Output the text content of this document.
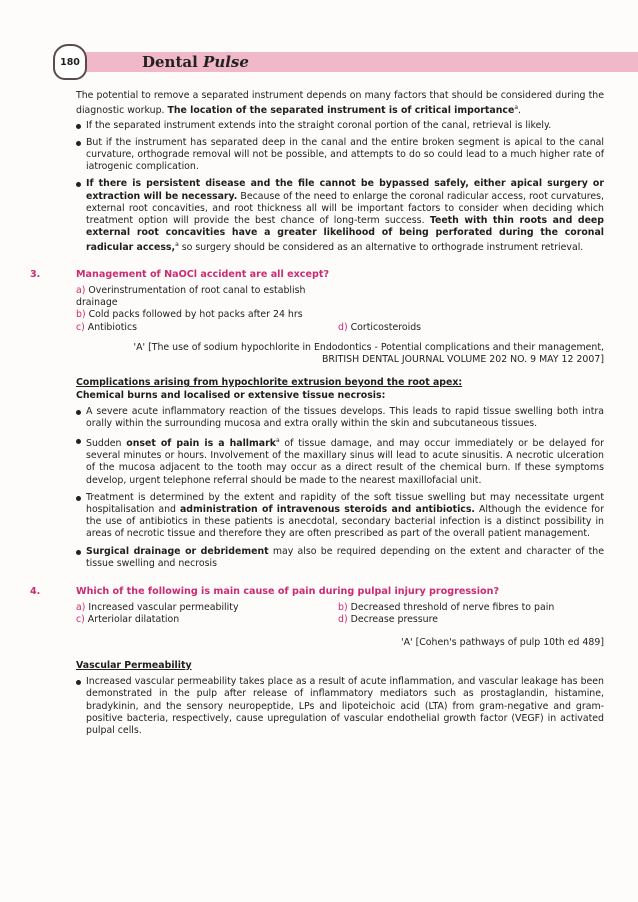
180	Dental Pulse

The potential to remove a separated instrument depends on many factors that should be considered during the diagnostic workup. The location of the separated instrument is of critical importance$^a$.

If the separated instrument extends into the straight coronal portion of the canal, retrieval is likely.
But if the instrument has separated deep in the canal and the entire broken segment is apical to the canal curvature, orthograde removal will not be possible, and attempts to do so could lead to a much higher rate of iatrogenic complication.
If there is persistent disease and the file cannot be bypassed safely, either apical surgery or extraction will be necessary. Because of the need to enlarge the coronal radicular access, root curvatures, external root concavities, and root thickness all will be important factors to consider when deciding which treatment option will provide the best chance of long-term success. Teeth with thin roots and deep external root concavities have a greater likelihood of being perforated during the coronal radicular access,$^a$ so surgery should be considered as an alternative to orthograde instrument retrieval.
3.	Management of NaOCl accident are all except?
a) Overinstrumentation of root canal to establish drainage
b) Cold packs followed by hot packs after 24 hrs
c) Antibiotics	d) Corticosteroids
'A' [The use of sodium hypochlorite in Endodontics - Potential complications and their management,
BRITISH DENTAL JOURNAL VOLUME 202 NO. 9 MAY 12 2007]
Complications arising from hypochlorite extrusion beyond the root apex:
Chemical burns and localised or extensive tissue necrosis:
A severe acute inflammatory reaction of the tissues develops. This leads to rapid tissue swelling both intra orally within the surrounding mucosa and extra orally within the skin and subcutaneous tissues.
Sudden onset of pain is a hallmark$^a$ of tissue damage, and may occur immediately or be delayed for several minutes or hours. Involvement of the maxillary sinus will lead to acute sinusitis. A necrotic ulceration of the mucosa adjacent to the tooth may occur as a direct result of the chemical burn. If these symptoms develop, urgent telephone referral should be made to the nearest maxillofacial unit.
Treatment is determined by the extent and rapidity of the soft tissue swelling but may necessitate urgent hospitalisation and administration of intravenous steroids and antibiotics. Although the evidence for the use of antibiotics in these patients is anecdotal, secondary bacterial infection is a distinct possibility in areas of necrotic tissue and therefore they are often prescribed as part of the overall patient management.
Surgical drainage or debridement may also be required depending on the extent and character of the tissue swelling and necrosis
4.	Which of the following is main cause of pain during pulpal injury progression?
a) Increased vascular permeability	b) Decreased threshold of nerve fibres to pain
c) Arteriolar dilatation	d) Decrease pressure
'A' [Cohen's pathways of pulp 10th ed 489]
Vascular Permeability
Increased vascular permeability takes place as a result of acute inflammation, and vascular leakage has been demonstrated in the pulp after release of inflammatory mediators such as prostaglandin, histamine, bradykinin, and the sensory neuropeptide, LPs and lipoteichoic acid (LTA) from gram-negative and gram-positive bacteria, respectively, cause upregulation of vascular endothelial growth factor (VEGF) in activated pulpal cells.
